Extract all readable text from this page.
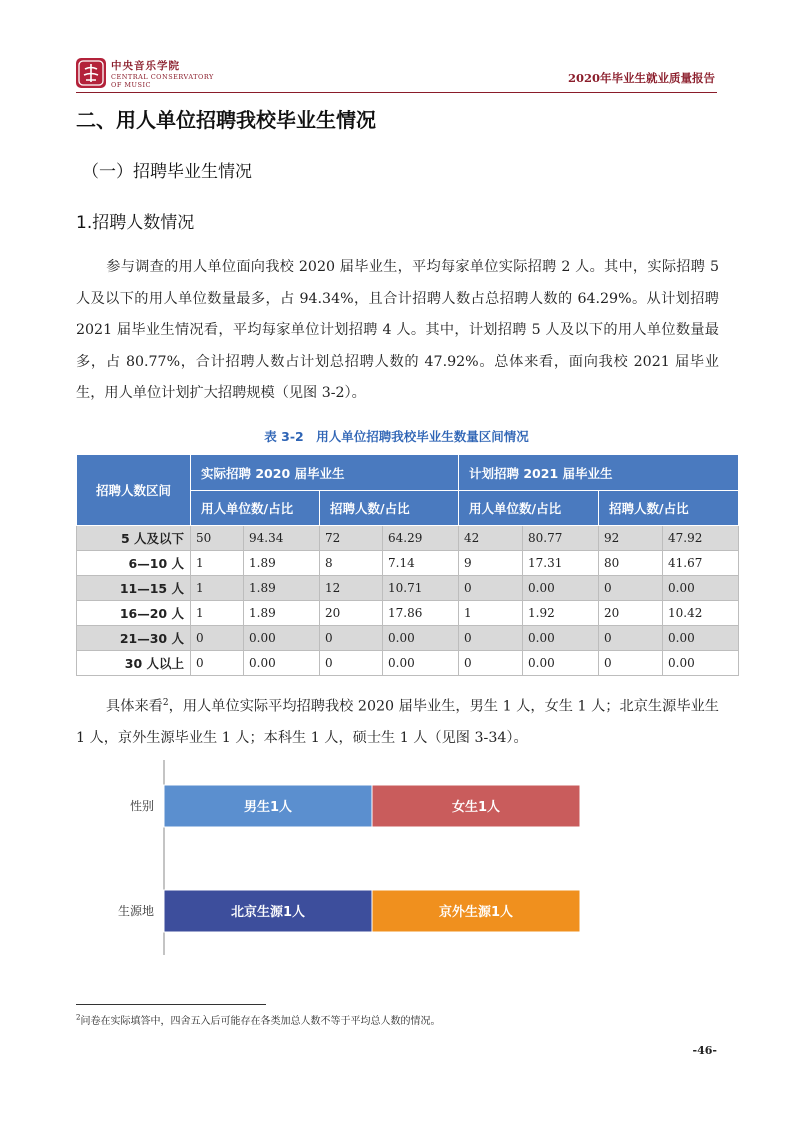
中央音乐学院
CENTRAL CONSERVATORY
OF MUSIC	2020年毕业生就业质量报告
二、用人单位招聘我校毕业生情况
（一）招聘毕业生情况
1.招聘人数情况
参与调查的用人单位面向我校 2020 届毕业生，平均每家单位实际招聘 2 人。其中，实际招聘 5 人及以下的用人单位数量最多，占 94.34%，且合计招聘人数占总招聘人数的 64.29%。从计划招聘 2021 届毕业生情况看，平均每家单位计划招聘 4 人。其中，计划招聘 5 人及以下的用人单位数量最多，占 80.77%，合计招聘人数占计划总招聘人数的 47.92%。总体来看，面向我校 2021 届毕业生，用人单位计划扩大招聘规模（见图 3-2）。
表 3-2　用人单位招聘我校毕业生数量区间情况
招聘人数区间	实际招聘 2020 届毕业生				计划招聘 2021 届毕业生			
	用人单位数/占比		招聘人数/占比		用人单位数/占比		招聘人数/占比	
5 人及以下	50	94.34	72	64.29	42	80.77	92	47.92
6—10 人	1	1.89	8	7.14	9	17.31	80	41.67
11—15 人	1	1.89	12	10.71	0	0.00	0	0.00
16—20 人	1	1.89	20	17.86	1	1.92	20	10.42
21—30 人	0	0.00	0	0.00	0	0.00	0	0.00
30 人以上	0	0.00	0	0.00	0	0.00	0	0.00
具体来看$^2$，用人单位实际平均招聘我校 2020 届毕业生，男生 1 人，女生 1 人；北京生源毕业生 1 人，京外生源毕业生 1 人；本科生 1 人，硕士生 1 人（见图 3-34）。
性别	男生1人	女生1人
生源地	北京生源1人	京外生源1人
$^2$问卷在实际填答中，四舍五入后可能存在各类加总人数不等于平均总人数的情况。
-46-
